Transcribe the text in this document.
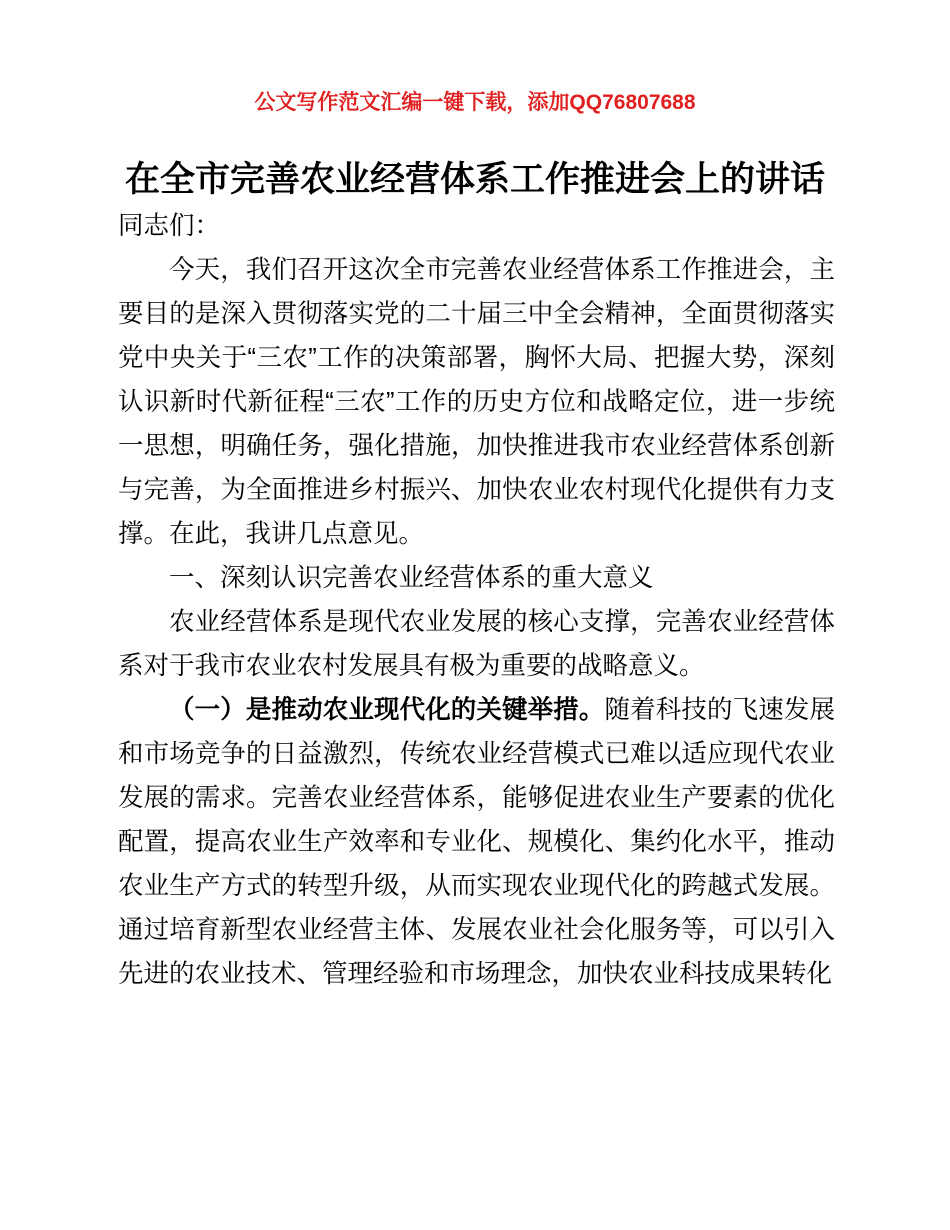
公文写作范文汇编一键下载，添加QQ76807688
在全市完善农业经营体系工作推进会上的讲话

同志们：

今天，我们召开这次全市完善农业经营体系工作推进会，主要目的是深入贯彻落实党的二十届三中全会精神，全面贯彻落实党中央关于“三农”工作的决策部署，胸怀大局、把握大势，深刻认识新时代新征程“三农”工作的历史方位和战略定位，进一步统一思想，明确任务，强化措施，加快推进我市农业经营体系创新与完善，为全面推进乡村振兴、加快农业农村现代化提供有力支撑。在此，我讲几点意见。

一、深刻认识完善农业经营体系的重大意义

农业经营体系是现代农业发展的核心支撑，完善农业经营体系对于我市农业农村发展具有极为重要的战略意义。

（一）是推动农业现代化的关键举措。随着科技的飞速发展和市场竞争的日益激烈，传统农业经营模式已难以适应现代农业发展的需求。完善农业经营体系，能够促进农业生产要素的优化配置，提高农业生产效率和专业化、规模化、集约化水平，推动农业生产方式的转型升级，从而实现农业现代化的跨越式发展。通过培育新型农业经营主体、发展农业社会化服务等，可以引入先进的农业技术、管理经验和市场理念，加快农业科技成果转化
